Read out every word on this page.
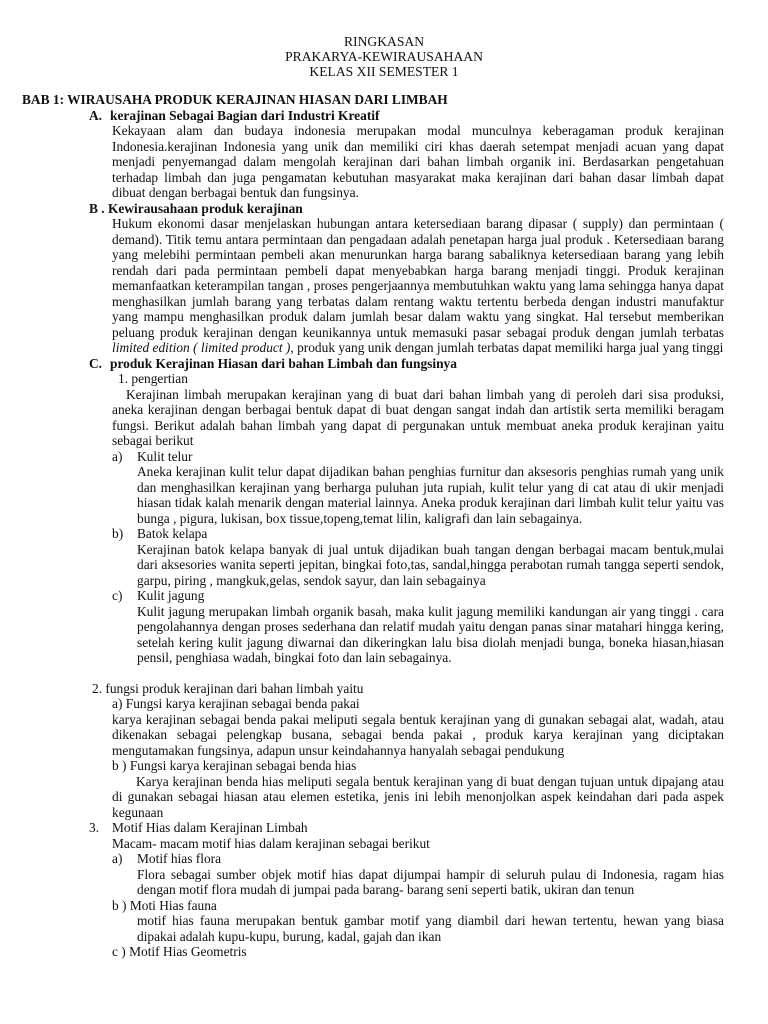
RINGKASAN
PRAKARYA-KEWIRAUSAHAAN
KELAS XII SEMESTER 1
BAB 1: WIRAUSAHA PRODUK KERAJINAN HIASAN DARI LIMBAH
A. kerajinan Sebagai Bagian dari Industri Kreatif
Kekayaan alam dan budaya indonesia merupakan modal munculnya keberagaman produk kerajinan Indonesia.kerajinan Indonesia yang unik dan memiliki ciri khas daerah setempat menjadi acuan yang dapat menjadi penyemangad dalam mengolah kerajinan dari bahan limbah organik ini. Berdasarkan pengetahuan terhadap limbah dan juga pengamatan kebutuhan masyarakat maka kerajinan dari bahan dasar limbah dapat dibuat dengan berbagai bentuk dan fungsinya.
B . Kewirausahaan produk kerajinan
Hukum ekonomi dasar menjelaskan hubungan antara ketersediaan barang dipasar ( supply) dan permintaan ( demand). Titik temu antara permintaan dan pengadaan adalah penetapan harga jual produk . Ketersediaan barang yang melebihi permintaan pembeli akan menurunkan harga barang sabaliknya ketersediaan barang yang lebih rendah dari pada permintaan pembeli dapat menyebabkan harga barang menjadi tinggi. Produk kerajinan memanfaatkan keterampilan tangan , proses pengerjaannya membutuhkan waktu yang lama sehingga hanya dapat menghasilkan jumlah barang yang terbatas dalam rentang waktu tertentu berbeda dengan industri manufaktur yang mampu menghasilkan produk dalam jumlah besar dalam waktu yang singkat. Hal tersebut memberikan peluang produk kerajinan dengan keunikannya untuk memasuki pasar sebagai produk dengan jumlah terbatas limited edition ( limited product ), produk yang unik dengan jumlah terbatas dapat memiliki harga jual yang tinggi
C. produk Kerajinan Hiasan dari bahan Limbah dan fungsinya
1. pengertian
Kerajinan limbah merupakan kerajinan yang di buat dari bahan limbah yang di peroleh dari sisa produksi, aneka kerajinan dengan berbagai bentuk dapat di buat dengan sangat indah dan artistik serta memiliki beragam fungsi. Berikut adalah bahan limbah yang dapat di pergunakan untuk membuat aneka produk kerajinan yaitu sebagai berikut
a) Kulit telur
Aneka kerajinan kulit telur dapat dijadikan bahan penghias furnitur dan aksesoris penghias rumah yang unik dan menghasilkan kerajinan yang berharga puluhan juta rupiah, kulit telur yang di cat atau di ukir menjadi hiasan tidak kalah menarik dengan material lainnya. Aneka produk kerajinan dari limbah kulit telur yaitu vas bunga , pigura, lukisan, box tissue,topeng,temat lilin, kaligrafi dan lain sebagainya.
b) Batok kelapa
Kerajinan batok kelapa banyak di jual untuk dijadikan buah tangan dengan berbagai macam bentuk,mulai dari aksesories wanita seperti jepitan, bingkai foto,tas, sandal,hingga perabotan rumah tangga seperti sendok, garpu, piring , mangkuk,gelas, sendok sayur, dan lain sebagainya
c) Kulit jagung
Kulit jagung merupakan limbah organik basah, maka kulit jagung memiliki kandungan air yang tinggi . cara pengolahannya dengan proses sederhana dan relatif mudah yaitu dengan panas sinar matahari hingga kering, setelah kering kulit jagung diwarnai dan dikeringkan lalu bisa diolah menjadi bunga, boneka hiasan,hiasan pensil, penghiasa wadah, bingkai foto dan lain sebagainya.
2. fungsi produk kerajinan dari bahan limbah yaitu
a) Fungsi karya kerajinan sebagai benda pakai
karya kerajinan sebagai benda pakai meliputi segala bentuk kerajinan yang di gunakan sebagai alat, wadah, atau dikenakan sebagai pelengkap busana, sebagai benda pakai , produk karya kerajinan yang diciptakan mengutamakan fungsinya, adapun unsur keindahannya hanyalah sebagai pendukung
b ) Fungsi karya kerajinan sebagai benda hias
Karya kerajinan benda hias meliputi segala bentuk kerajinan yang di buat dengan tujuan untuk dipajang atau di gunakan sebagai hiasan atau elemen estetika, jenis ini lebih menonjolkan aspek keindahan dari pada aspek kegunaan
3. Motif Hias dalam Kerajinan Limbah
Macam- macam motif hias dalam kerajinan sebagai berikut
a) Motif hias flora
Flora sebagai sumber objek motif hias dapat dijumpai hampir di seluruh pulau di Indonesia, ragam hias dengan motif flora mudah di jumpai pada barang- barang seni seperti batik, ukiran dan tenun
b ) Moti Hias fauna
motif hias fauna merupakan bentuk gambar motif yang diambil dari hewan tertentu, hewan yang biasa dipakai adalah kupu-kupu, burung, kadal, gajah dan ikan
c ) Motif Hias Geometris
